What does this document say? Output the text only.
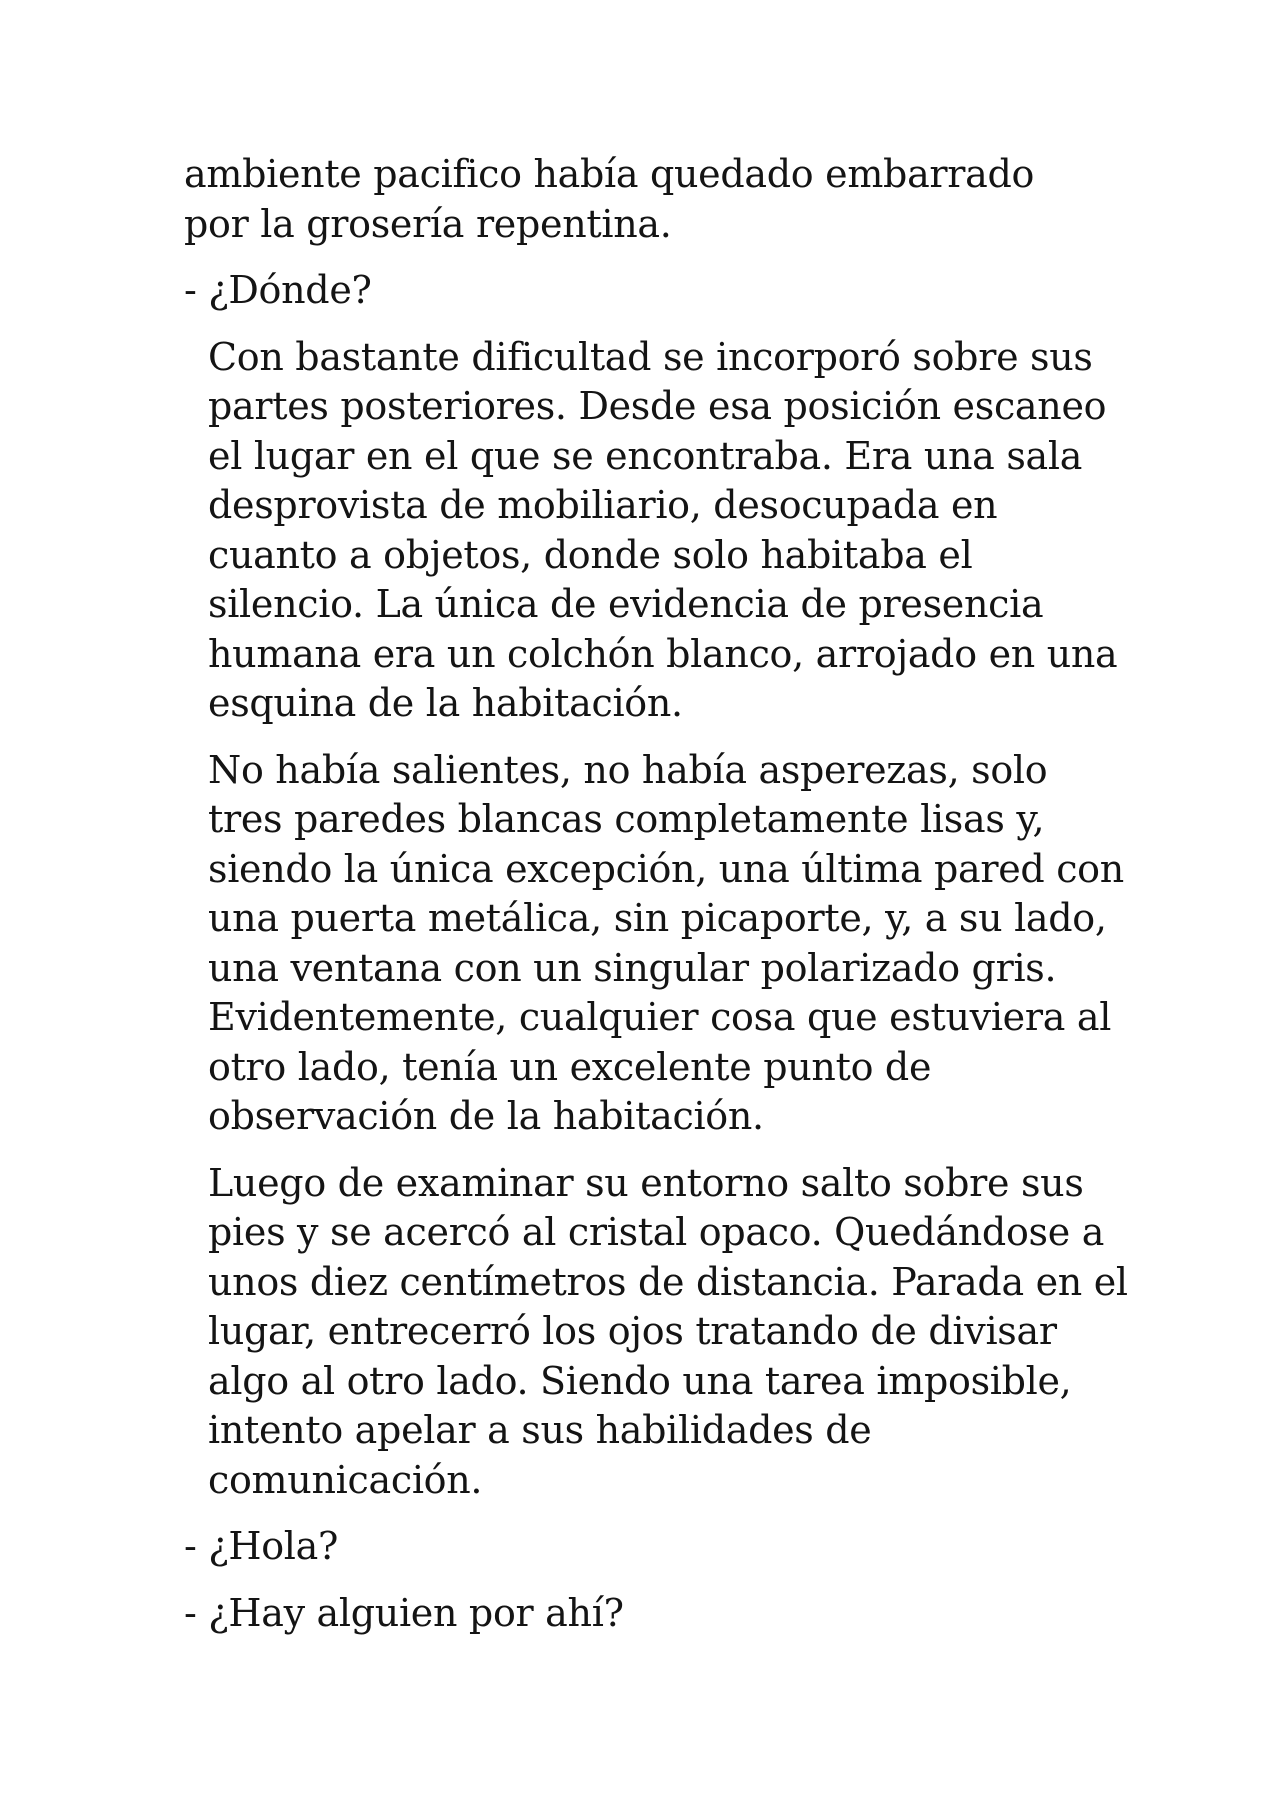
ambiente pacifico había quedado embarrado
por la grosería repentina.

- ¿Dónde?

Con bastante dificultad se incorporó sobre sus
partes posteriores. Desde esa posición escaneo
el lugar en el que se encontraba. Era una sala
desprovista de mobiliario, desocupada en
cuanto a objetos, donde solo habitaba el
silencio. La única de evidencia de presencia
humana era un colchón blanco, arrojado en una
esquina de la habitación.

No había salientes, no había asperezas, solo
tres paredes blancas completamente lisas y,
siendo la única excepción, una última pared con
una puerta metálica, sin picaporte, y, a su lado,
una ventana con un singular polarizado gris.
Evidentemente, cualquier cosa que estuviera al
otro lado, tenía un excelente punto de
observación de la habitación.

Luego de examinar su entorno salto sobre sus
pies y se acercó al cristal opaco. Quedándose a
unos diez centímetros de distancia. Parada en el
lugar, entrecerró los ojos tratando de divisar
algo al otro lado. Siendo una tarea imposible,
intento apelar a sus habilidades de
comunicación.

- ¿Hola?

- ¿Hay alguien por ahí?
